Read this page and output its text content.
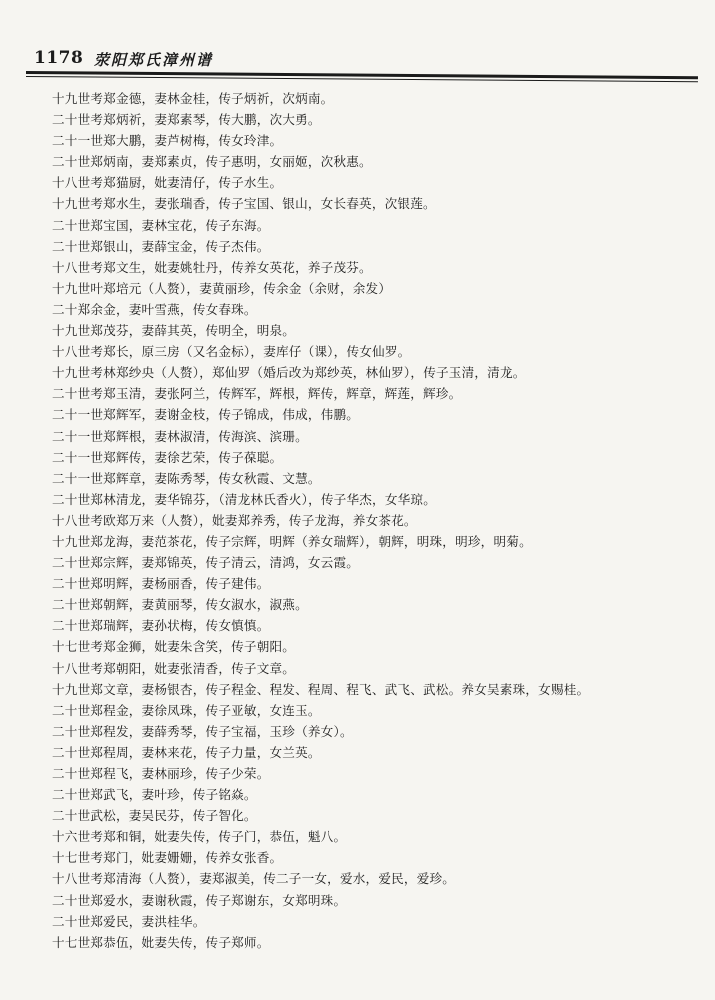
1178 荥阳郑氏漳州谱
十九世考郑金德，妻林金桂，传子炳祈，次炳南。
二十世考郑炳祈，妻郑素琴，传大鹏，次大勇。
二十一世郑大鹏，妻芦树梅，传女玲津。
二十世郑炳南，妻郑素贞，传子惠明，女丽姬，次秋惠。
十八世考郑猫厨，妣妻清仔，传子水生。
十九世考郑水生，妻张瑞香，传子宝国、银山，女长春英，次银莲。
二十世郑宝国，妻林宝花，传子东海。
二十世郑银山，妻薛宝金，传子杰伟。
十八世考郑文生，妣妻姚牡丹，传养女英花，养子茂芬。
十九世叶郑培元（人赘），妻黄丽珍，传余金（余财，余发）
二十郑余金，妻叶雪燕，传女春珠。
十九世郑茂芬，妻薛其英，传明全，明泉。
十八世考郑长，原三房（又名金标），妻库仔（课），传女仙罗。
十九世考林郑纱央（人赘），郑仙罗（婚后改为郑纱英，林仙罗），传子玉清，清龙。
二十世考郑玉清，妻张阿兰，传辉军，辉根，辉传，辉章，辉莲，辉珍。
二十一世郑辉军，妻谢金枝，传子锦成，伟成，伟鹏。
二十一世郑辉根，妻林淑清，传海滨、滨珊。
二十一世郑辉传，妻徐艺荣，传子葆聪。
二十一世郑辉章，妻陈秀琴，传女秋霞、文慧。
二十世郑林清龙，妻华锦芬，（清龙林氏香火），传子华杰，女华琼。
十八世考欧郑万来（人赘），妣妻郑养秀，传子龙海，养女茶花。
十九世郑龙海，妻范茶花，传子宗辉，明辉（养女瑞辉），朝辉，明珠，明珍，明菊。
二十世郑宗辉，妻郑锦英，传子清云，清鸿，女云霞。
二十世郑明辉，妻杨丽香，传子建伟。
二十世郑朝辉，妻黄丽琴，传女淑水，淑燕。
二十世郑瑞辉，妻孙状梅，传女慎慎。
十七世考郑金狮，妣妻朱含笑，传子朝阳。
十八世考郑朝阳，妣妻张清香，传子文章。
十九世郑文章，妻杨银杏，传子程金、程发、程周、程飞、武飞、武松。养女吴素珠，女赐桂。
二十世郑程金，妻徐凤珠，传子亚敏，女连玉。
二十世郑程发，妻薛秀琴，传子宝福，玉珍（养女）。
二十世郑程周，妻林来花，传子力量，女兰英。
二十世郑程飞，妻林丽珍，传子少荣。
二十世郑武飞，妻叶珍，传子铭焱。
二十世武松，妻吴民芬，传子智化。
十六世考郑和铜，妣妻失传，传子门，恭伍，魁八。
十七世考郑门，妣妻姗姗，传养女张香。
十八世考郑清海（人赘），妻郑淑美，传二子一女，爱水，爱民，爱珍。
二十世郑爱水，妻谢秋霞，传子郑谢东，女郑明珠。
二十世郑爱民，妻洪桂华。
十七世郑恭伍，妣妻失传，传子郑师。
